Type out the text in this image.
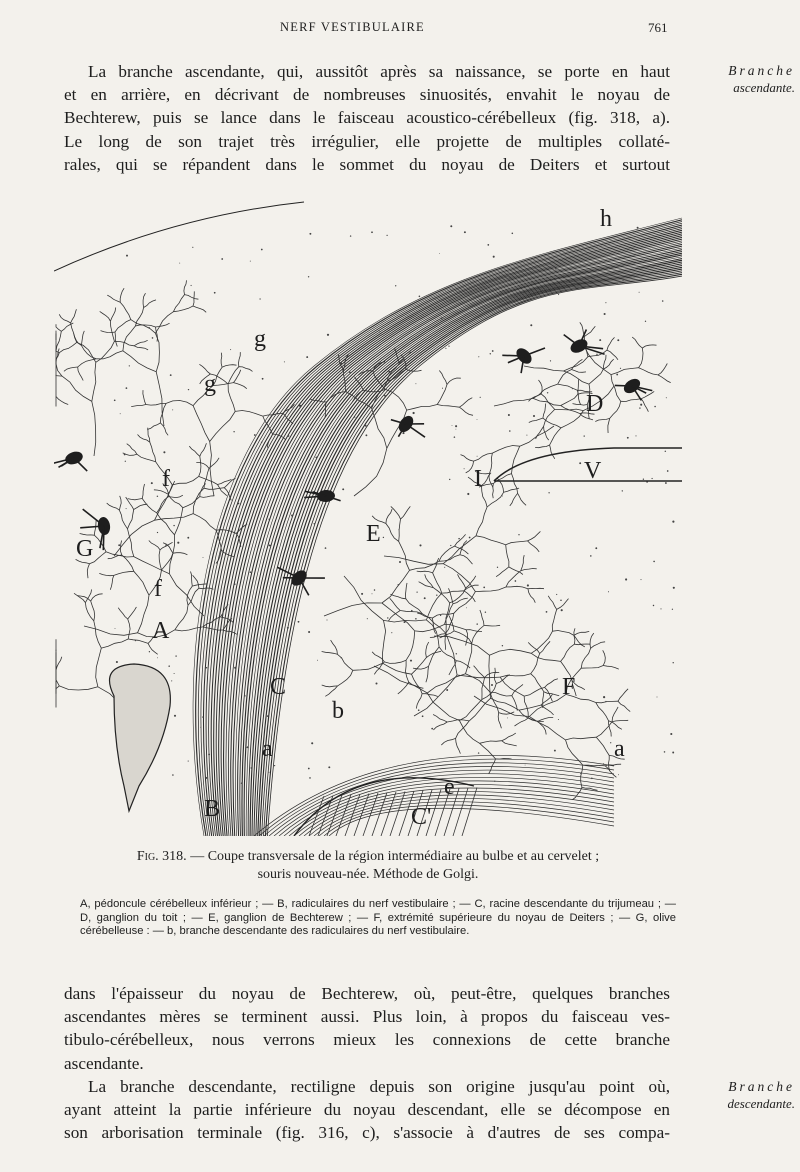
NERF VESTIBULAIRE	761
Branche
ascendante.
La branche ascendante, qui, aussitôt après sa naissance, se porte en haut
et en arrière, en décrivant de nombreuses sinuosités, envahit le noyau de
Bechterew, puis se lance dans le faisceau acoustico-cérébelleux (fig. 318, a).
Le long de son trajet très irrégulier, elle projette de multiples collaté-
rales, qui se répandent dans le sommet du noyau de Deiters et surtout
h
g
g
f
G
f
A
E
D
V
I
F
C
b
a
a
B
e
C'
Fig. 318. — Coupe transversale de la région intermédiaire au bulbe et au cervelet ;
souris nouveau-née. Méthode de Golgi.
A, pédoncule cérébelleux inférieur ; — B, radiculaires du nerf vestibulaire ; — C, racine descendante du trijumeau ; — D, ganglion du toit ; — E, ganglion de Bechterew ; — F, extrémité supérieure du noyau de Deiters ; — G, olive cérébelleuse : — b, branche descendante des radiculaires du nerf vestibulaire.
dans l'épaisseur du noyau de Bechterew, où, peut-être, quelques branches
ascendantes mères se terminent aussi. Plus loin, à propos du faisceau ves-
tibulo-cérébelleux, nous verrons mieux les connexions de cette branche
ascendante.
Branche
descendante.
La branche descendante, rectiligne depuis son origine jusqu'au point où,
ayant atteint la partie inférieure du noyau descendant, elle se décompose en
son arborisation terminale (fig. 316, c), s'associe à d'autres de ses compa-
